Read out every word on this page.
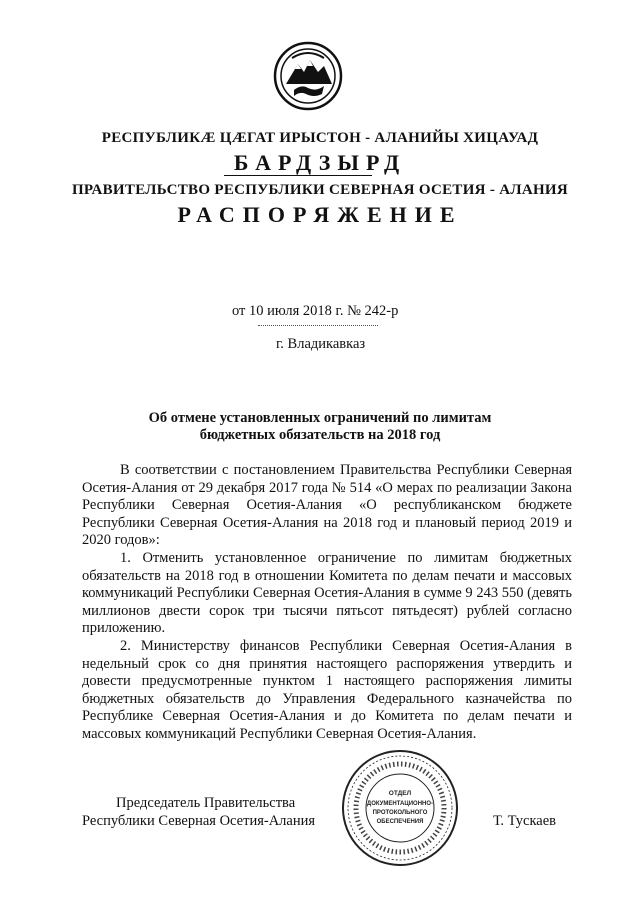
РЕСПУБЛИКÆ ЦÆГАТ ИРЫСТОН - АЛАНИЙЫ ХИЦАУАД
БАРДЗЫРД
ПРАВИТЕЛЬСТВО РЕСПУБЛИКИ СЕВЕРНАЯ ОСЕТИЯ - АЛАНИЯ
РАСПОРЯЖЕНИЕ
от 10 июля 2018 г. № 242-р
г. Владикавказ
Об отмене установленных ограничений по лимитам
бюджетных обязательств на 2018 год

В соответствии с постановлением Правительства Республики Северная Осетия-Алания от 29 декабря 2017 года № 514 «О мерах по реализации Закона Республики Северная Осетия-Алания «О республиканском бюджете Республики Северная Осетия-Алания на 2018 год и плановый период 2019 и 2020 годов»:

1. Отменить установленное ограничение по лимитам бюджетных обязательств на 2018 год в отношении Комитета по делам печати и массовых коммуникаций Республики Северная Осетия-Алания в сумме 9 243 550 (девять миллионов двести сорок три тысячи пятьсот пятьдесят) рублей согласно приложению.

2. Министерству финансов Республики Северная Осетия-Алания в недельный срок со дня принятия настоящего распоряжения утвердить и довести предусмотренные пунктом 1 настоящего распоряжения лимиты бюджетных обязательств до Управления Федерального казначейства по Республике Северная Осетия-Алания и до Комитета по делам печати и массовых коммуникаций Республики Северная Осетия-Алания.

ОТДЕЛ
ДОКУМЕНТАЦИОННО-
ПРОТОКОЛЬНОГО
ОБЕСПЕЧЕНИЯ
Председатель Правительства
Республики Северная Осетия-Алания	Т. Тускаев
